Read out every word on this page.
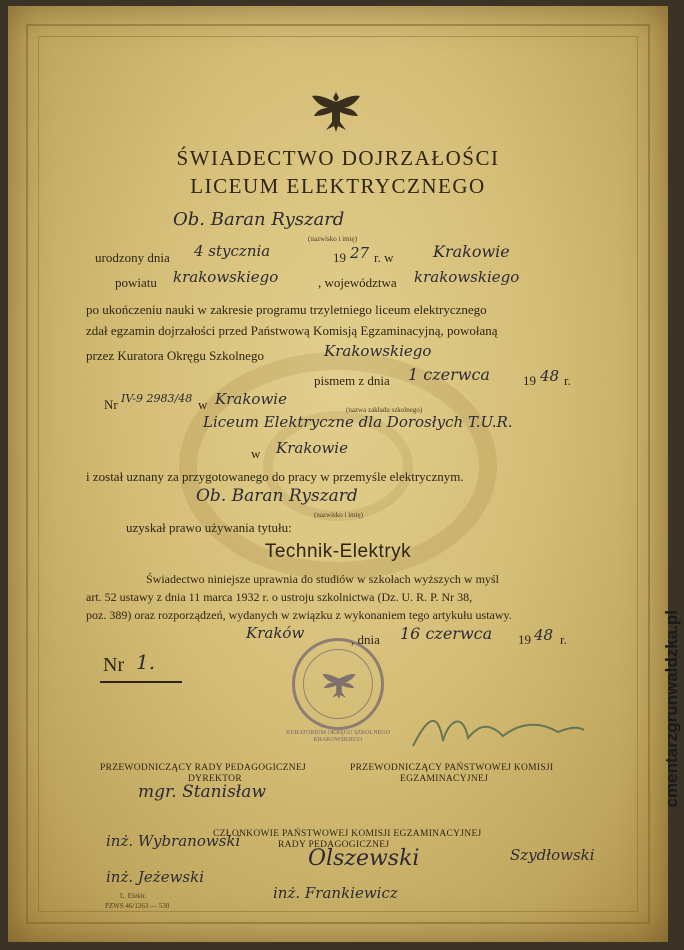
ŚWIADECTWO DOJRZAŁOŚCI
LICEUM ELEKTRYCZNEGO
Ob. Baran Ryszard
(nazwisko i imię)
urodzony dnia 4 stycznia	19 27 r. w Krakowie
powiatu krakowskiego	, województwa krakowskiego
po ukończeniu nauki w zakresie programu trzyletniego liceum elektrycznego
zdał egzamin dojrzałości przed Państwową Komisją Egzaminacyjną, powołaną
przez Kuratora Okręgu Szkolnego	Krakowskiego
pismem z dnia 1 czerwca	19 48 r.
Nr IV-9 2983/48 w Krakowie
(nazwa zakładu szkolnego)
Liceum Elektryczne dla Dorosłych T.U.R.
w Krakowie
i został uznany za przygotowanego do pracy w przemyśle elektrycznym.
Ob. Baran Ryszard
(nazwisko i imię)
uzyskał prawo używania tytułu:
Technik-Elektryk
Świadectwo niniejsze uprawnia do studiów w szkołach wyższych w myśl
art. 52 ustawy z dnia 11 marca 1932 r. o ustroju szkolnictwa (Dz. U. R. P. Nr 38,
poz. 389) oraz rozporządzeń, wydanych w związku z wykonaniem tego artykułu ustawy.
Kraków	, dnia 16 czerwca 19 48 r.
Nr 1.
KURATORIUM OKRĘGU SZKOLNEGO KRAKOWSKIEGO
PRZEWODNICZĄCY RADY PEDAGOGICZNEJ
DYREKTOR
PRZEWODNICZĄCY PAŃSTWOWEJ KOMISJI
EGZAMINACYJNEJ
mgr. Stanisław
CZŁONKOWIE PAŃSTWOWEJ KOMISJI EGZAMINACYJNEJ
RADY PEDAGOGICZNEJ
inż. Wybranowski
inż. Jeżewski
inż. Frankiewicz
Szydłowski
Olszewski
L. Elektr.
PZWS 46/1263 — 530
cmentarzgrunwaldzka.pl
